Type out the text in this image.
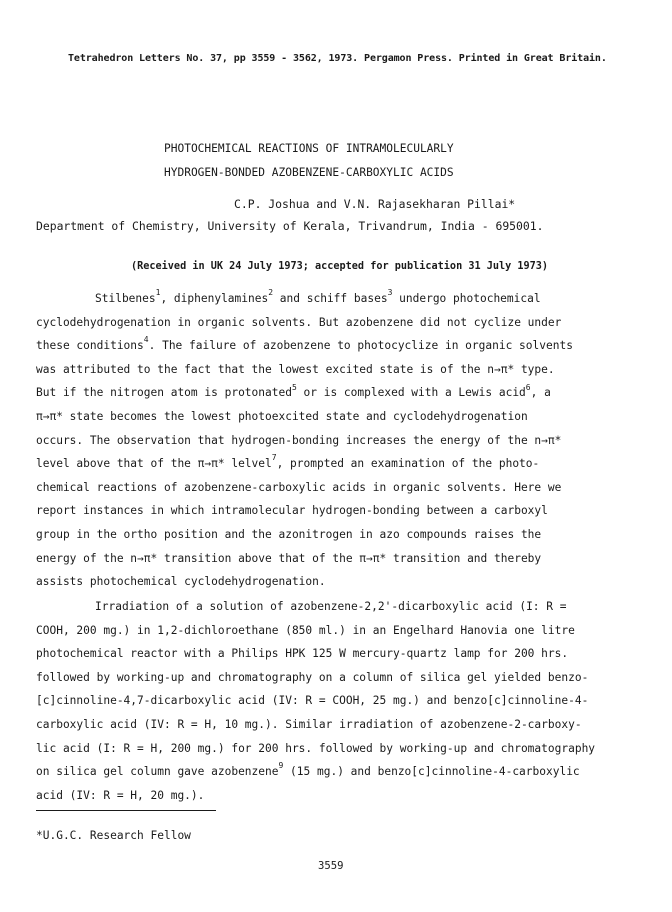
Tetrahedron Letters No. 37, pp 3559 - 3562, 1973. Pergamon Press. Printed in Great Britain.
PHOTOCHEMICAL REACTIONS OF INTRAMOLECULARLY
HYDROGEN-BONDED AZOBENZENE-CARBOXYLIC ACIDS
C.P. Joshua and V.N. Rajasekharan Pillai*
Department of Chemistry, University of Kerala, Trivandrum, India - 695001.
(Received in UK 24 July 1973; accepted for publication 31 July 1973)
Stilbenes$^1$, diphenylamines$^2$ and schiff bases$^3$ undergo photochemical
cyclodehydrogenation in organic solvents. But azobenzene did not cyclize under
these conditions$^4$. The failure of azobenzene to photocyclize in organic solvents
was attributed to the fact that the lowest excited state is of the n→π* type.
But if the nitrogen atom is protonated$^5$ or is complexed with a Lewis acid$^6$, a
π→π* state becomes the lowest photoexcited state and cyclodehydrogenation
occurs. The observation that hydrogen-bonding increases the energy of the n→π*
level above that of the π→π* lelvel$^7$, prompted an examination of the photo-
chemical reactions of azobenzene-carboxylic acids in organic solvents. Here we
report instances in which intramolecular hydrogen-bonding between a carboxyl
group in the ortho position and the azonitrogen in azo compounds raises the
energy of the n→π* transition above that of the π→π* transition and thereby
assists photochemical cyclodehydrogenation.
Irradiation of a solution of azobenzene-2,2'-dicarboxylic acid (I: R =
COOH, 200 mg.) in 1,2-dichloroethane (850 ml.) in an Engelhard Hanovia one litre
photochemical reactor with a Philips HPK 125 W mercury-quartz lamp for 200 hrs.
followed by working-up and chromatography on a column of silica gel yielded benzo-
[c]cinnoline-4,7-dicarboxylic acid (IV: R = COOH, 25 mg.) and benzo[c]cinnoline-4-
carboxylic acid (IV: R = H, 10 mg.). Similar irradiation of azobenzene-2-carboxy-
lic acid (I: R = H, 200 mg.) for 200 hrs. followed by working-up and chromatography
on silica gel column gave azobenzene$^9$ (15 mg.) and benzo[c]cinnoline-4-carboxylic
acid (IV: R = H, 20 mg.).
*U.G.C. Research Fellow
3559
